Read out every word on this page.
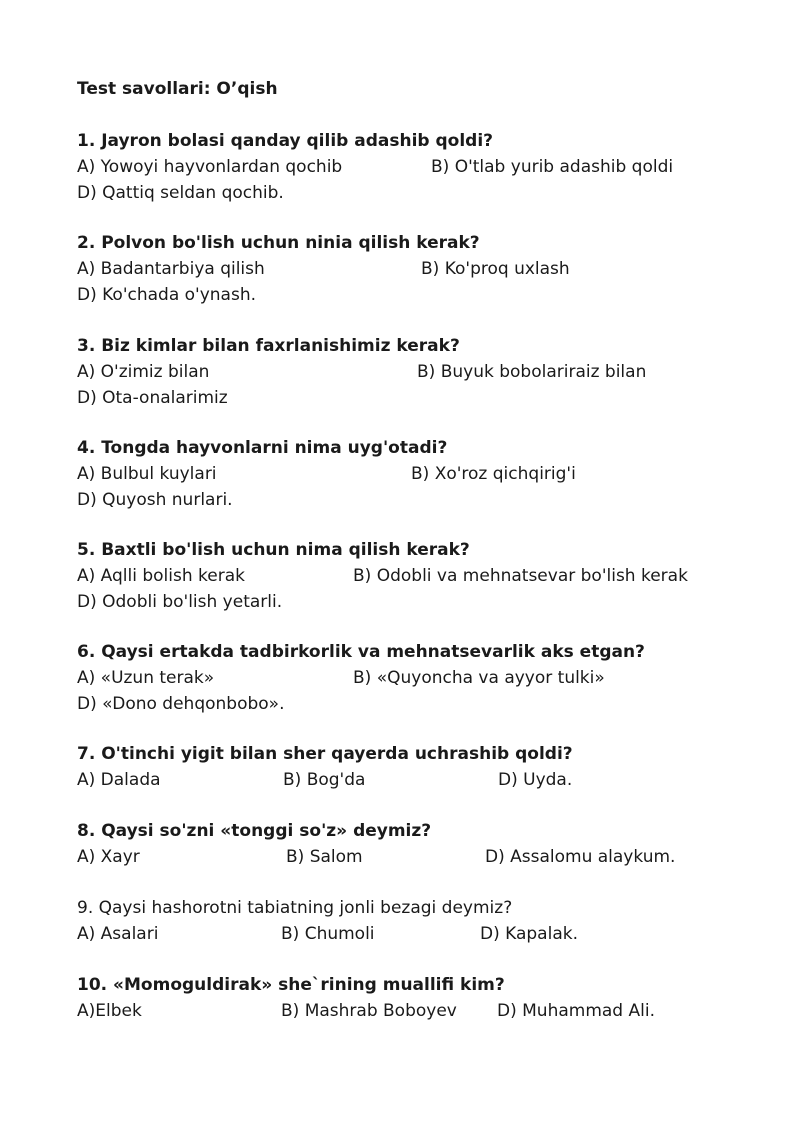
Test savollari: O’qish
1. Jayron bolasi qanday qilib adashib qoldi?
A) Yowoyi hayvonlardan qochib	B) O'tlab yurib adashib qoldi
D) Qattiq seldan qochib.
2. Polvon bo'lish uchun ninia qilish kerak?
A) Badantarbiya qilish	B) Ko'proq uxlash
D) Ko'chada o'ynash.
3. Biz kimlar bilan faxrlanishimiz kerak?
A) O'zimiz bilan	B) Buyuk bobolariraiz bilan
D) Ota-onalarimiz
4. Tongda hayvonlarni nima uyg'otadi?
A) Bulbul kuylari	B) Xo'roz qichqirig'i
D) Quyosh nurlari.
5. Baxtli bo'lish uchun nima qilish kerak?
A) Aqlli bolish kerak	B) Odobli va mehnatsevar bo'lish kerak
D) Odobli bo'lish yetarli.
6. Qaysi ertakda tadbirkorlik va mehnatsevarlik aks etgan?
A) «Uzun terak»	B) «Quyoncha va ayyor tulki»
D) «Dono dehqonbobo».
7. O'tinchi yigit bilan sher qayerda uchrashib qoldi?
A) Dalada	B) Bog'da	D) Uyda.
8. Qaysi so'zni «tonggi so'z» deymiz?
A) Xayr	B) Salom	D) Assalomu alaykum.
9. Qaysi hashorotni tabiatning jonli bezagi deymiz?
A) Asalari	B) Chumoli	D) Kapalak.
10. «Momoguldirak» she`rining muallifi kim?
A)Elbek	B) Mashrab Boboyev D) Muhammad Ali.
